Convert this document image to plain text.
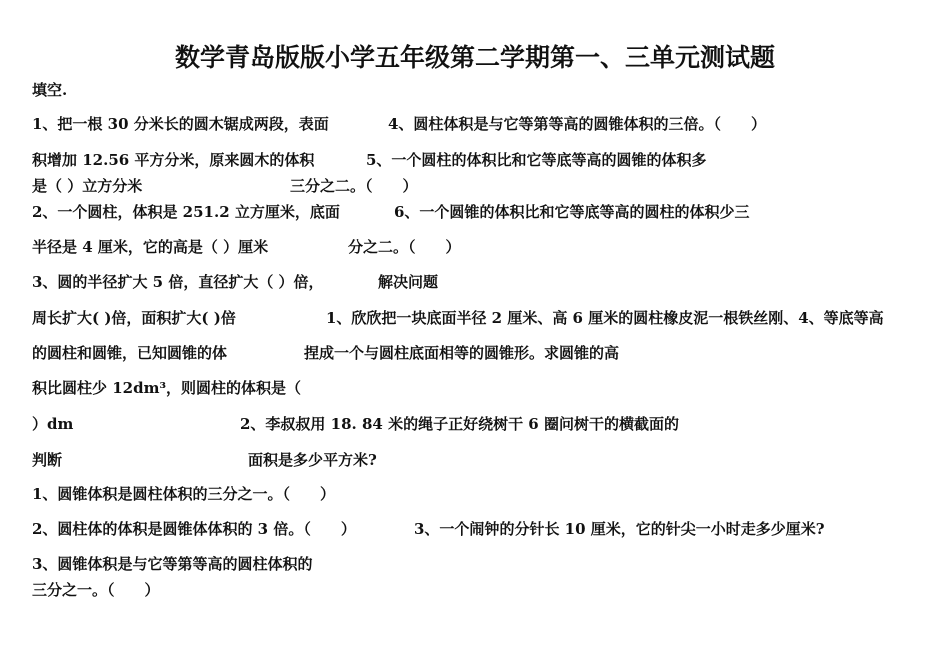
数学青岛版版小学五年级第二学期第一、三单元测试题
填空.
1、把一根 30 分米长的圆木锯成两段，表面	4、圆柱体积是与它等第等高的圆锥体积的三倍。（　　）
积增加 12.56 平方分米，原来圆木的体积	5、一个圆柱的体积比和它等底等高的圆锥的体积多
是（ ）立方分米	三分之二。（　　）
2、一个圆柱，体积是 251.2 立方厘米，底面	6、一个圆锥的体积比和它等底等高的圆柱的体积少三
半径是 4 厘米，它的高是（ ）厘米	分之二。（　　）
3、圆的半径扩大 5 倍，直径扩大（ ）倍，	解决问题
周长扩大( )倍，面积扩大( )倍	1、欣欣把一块底面半径 2 厘米、高 6 厘米的圆柱橡皮泥一根铁丝刚、4、等底等高
的圆柱和圆锥，已知圆锥的体	捏成一个与圆柱底面相等的圆锥形。求圆锥的高
积比圆柱少 12dm³，则圆柱的体积是（
）dm	2、李叔叔用 18. 84 米的绳子正好绕树干 6 圈问树干的横截面的
判断	面积是多少平方米?
1、圆锥体积是圆柱体积的三分之一。（　　）
2、圆柱体的体积是圆锥体体积的 3 倍。（　　）	3、一个闹钟的分针长 10 厘米，它的针尖一小时走多少厘米?
3、圆锥体积是与它等第等高的圆柱体积的
三分之一。（　　）
